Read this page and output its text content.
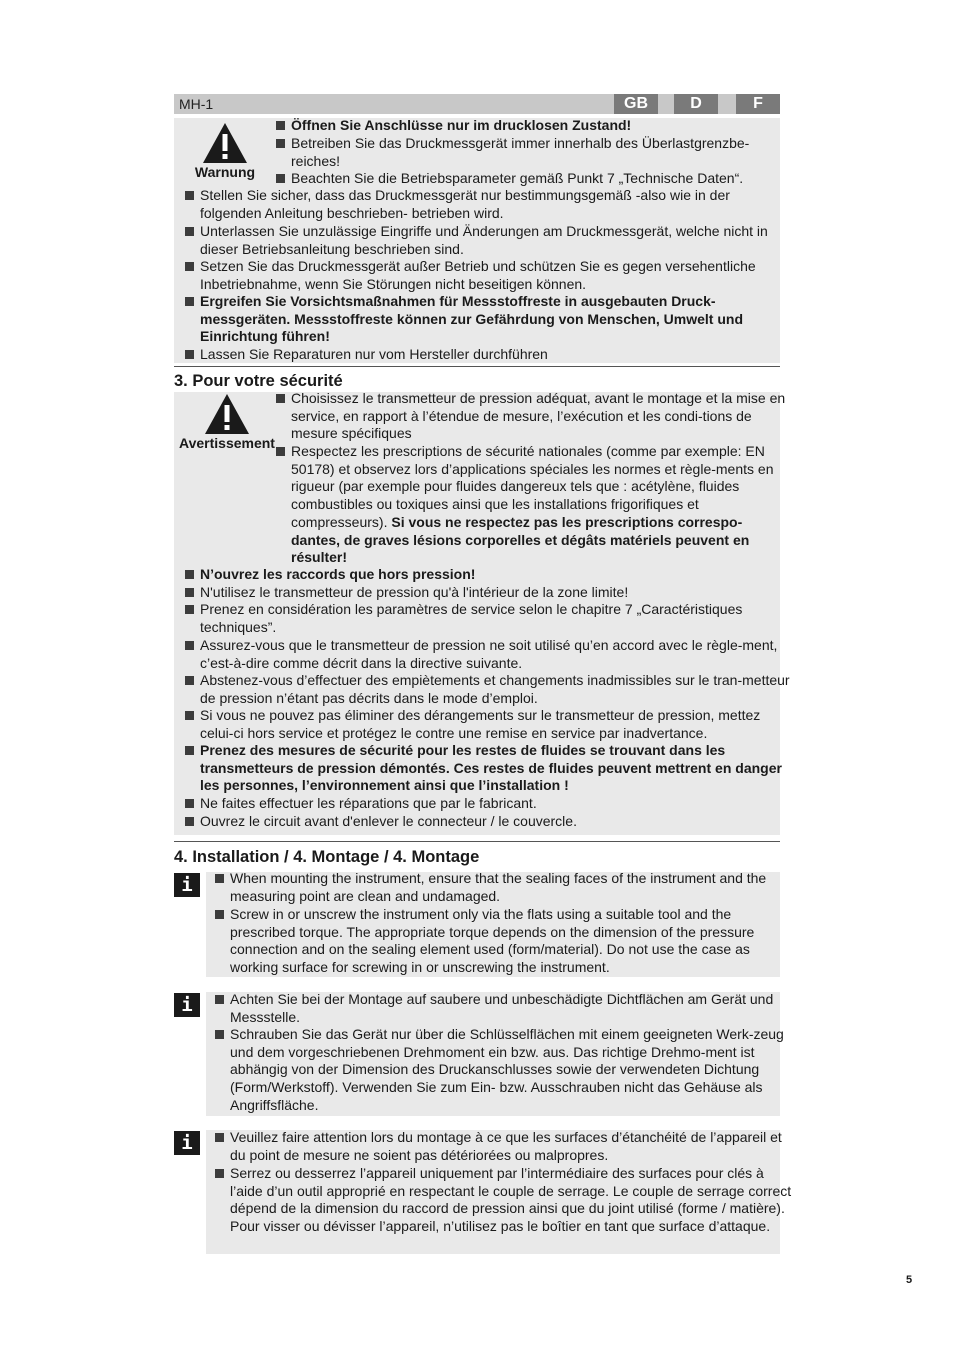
MH-1	GB	D	F
Warnung
Öffnen Sie Anschlüsse nur im drucklosen Zustand!
Betreiben Sie das Druckmessgerät immer innerhalb des Überlastgrenzbe-reiches!
Beachten Sie die Betriebsparameter gemäß Punkt 7 „Technische Daten“.
Stellen Sie sicher, dass das Druckmessgerät nur bestimmungsgemäß -also wie in der folgenden Anleitung beschrieben- betrieben wird.
Unterlassen Sie unzulässige Eingriffe und Änderungen am Druckmessgerät, welche nicht in dieser Betriebsanleitung beschrieben sind.
Setzen Sie das Druckmessgerät außer Betrieb und schützen Sie es gegen versehentliche Inbetriebnahme, wenn Sie Störungen nicht beseitigen können.
Ergreifen Sie Vorsichtsmaßnahmen für Messstoffreste in ausgebauten Druck-messgeräten. Messstoffreste können zur Gefährdung von Menschen, Umwelt und Einrichtung führen!
Lassen Sie Reparaturen nur vom Hersteller durchführen
3. Pour votre sécurité
Avertissement
Choisissez le transmetteur de pression adéquat, avant le montage et la mise en service, en rapport à l’étendue de mesure, l’exécution et les condi-tions de mesure spécifiques
Respectez les prescriptions de sécurité nationales (comme par exemple: EN 50178) et observez lors d’applications spéciales les normes et règle-ments en rigueur (par exemple pour fluides dangereux tels que : acétylène, fluides combustibles ou toxiques ainsi que les installations frigorifiques et compresseurs). Si vous ne respectez pas les prescriptions correspo-dantes, de graves lésions corporelles et dégâts matériels peuvent en résulter!
N’ouvrez les raccords que hors pression!
N'utilisez le transmetteur de pression qu'à l'intérieur de la zone limite!
Prenez en considération les paramètres de service selon le chapitre 7 „Caractéristiques techniques”.
Assurez-vous que le transmetteur de pression ne soit utilisé qu’en accord avec le règle-ment, c’est-à-dire comme décrit dans la directive suivante.
Abstenez-vous d’effectuer des empiètements et changements inadmissibles sur le tran-metteur de pression n’étant pas décrits dans le mode d’emploi.
Si vous ne pouvez pas éliminer des dérangements sur le transmetteur de pression, mettez celui-ci hors service et protégez le contre une remise en service par inadvertance.
Prenez des mesures de sécurité pour les restes de fluides se trouvant dans les transmetteurs de pression démontés. Ces restes de fluides peuvent mettrent en danger les personnes, l’environnement ainsi que l’installation !
Ne faites effectuer les réparations que par le fabricant.
Ouvrez le circuit avant d'enlever le connecteur / le couvercle.
4. Installation / 4. Montage / 4. Montage
i	When mounting the instrument, ensure that the sealing faces of the instrument and the measuring point are clean and undamaged.
Screw in or unscrew the instrument only via the flats using a suitable tool and the prescribed torque. The appropriate torque depends on the dimension of the pressure connection and on the sealing element used (form/material). Do not use the case as working surface for screwing in or unscrewing the instrument.
i	Achten Sie bei der Montage auf saubere und unbeschädigte Dichtflächen am Gerät und Messstelle.
Schrauben Sie das Gerät nur über die Schlüsselflächen mit einem geeigneten Werk-zeug und dem vorgeschriebenen Drehmoment ein bzw. aus. Das richtige Drehmo-ment ist abhängig von der Dimension des Druckanschlusses sowie der verwendeten Dichtung (Form/Werkstoff). Verwenden Sie zum Ein- bzw. Ausschrauben nicht das Gehäuse als Angriffsfläche.
i	Veuillez faire attention lors du montage à ce que les surfaces d’étanchéité de l’appareil et du point de mesure ne soient pas détériorées ou malpropres.
Serrez ou desserrez l’appareil uniquement par l’intermédiaire des surfaces pour clés à l’aide d’un outil approprié en respectant le couple de serrage. Le couple de serrage correct dépend de la dimension du raccord de pression ainsi que du joint utilisé (forme / matière). Pour visser ou dévisser l’appareil, n’utilisez pas le boîtier en tant que surface d’attaque.
5
